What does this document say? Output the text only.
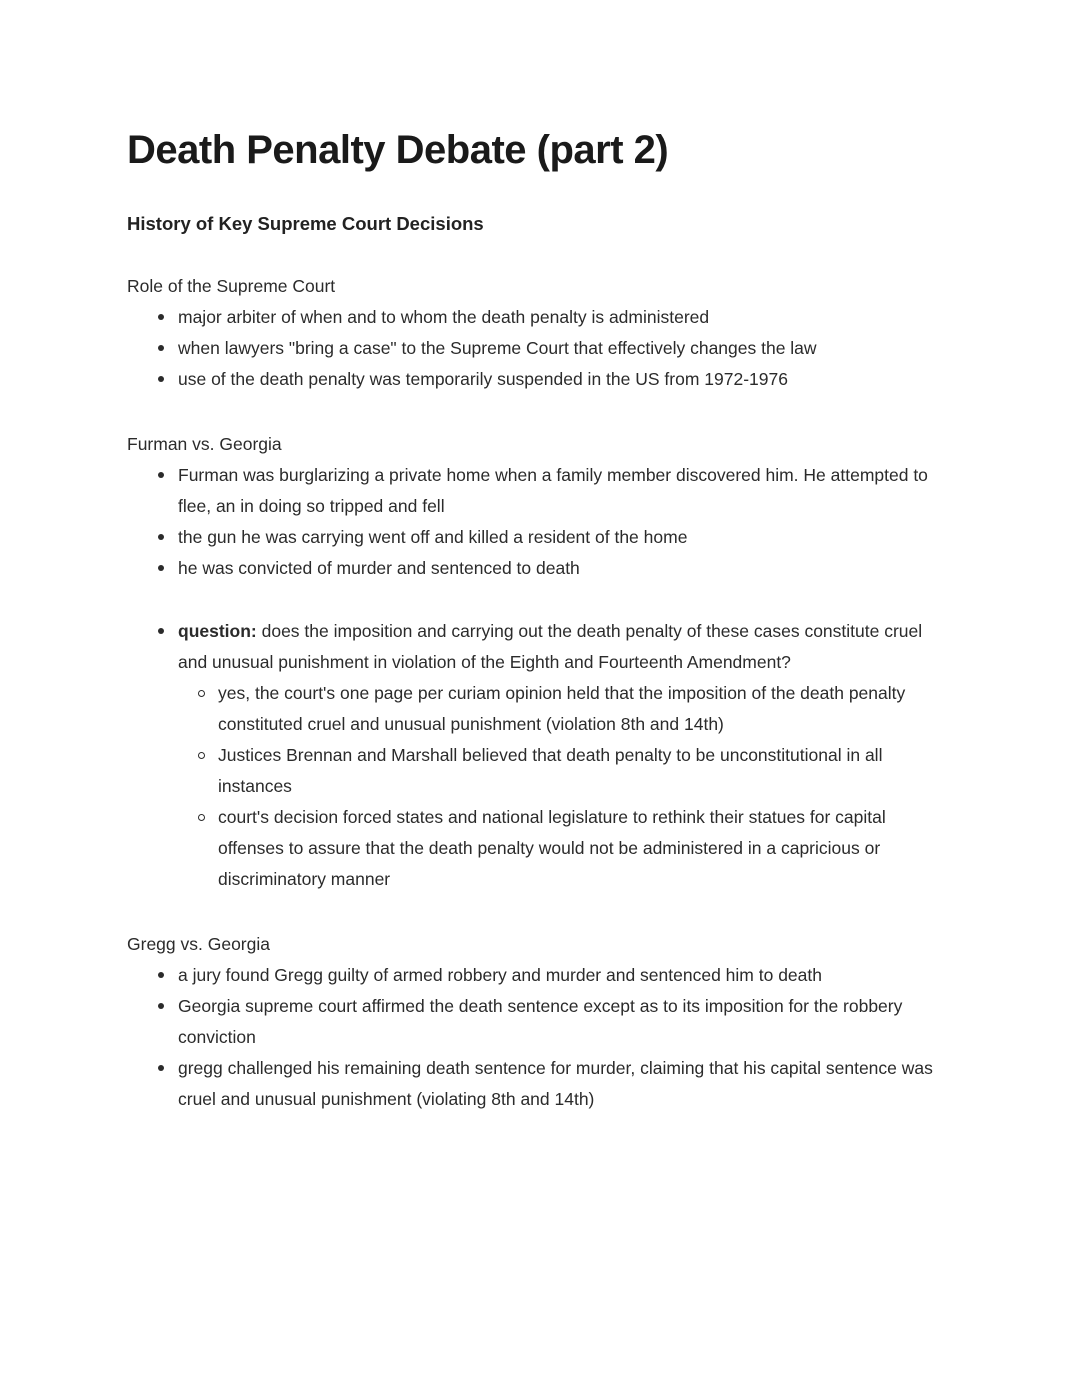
Death Penalty Debate (part 2)
History of Key Supreme Court Decisions

Role of the Supreme Court

major arbiter of when and to whom the death penalty is administered
when lawyers "bring a case" to the Supreme Court that effectively changes the law
use of the death penalty was temporarily suspended in the US from 1972-1976

Furman vs. Georgia

Furman was burglarizing a private home when a family member discovered him. He attempted to flee, an in doing so tripped and fell
the gun he was carrying went off and killed a resident of the home
he was convicted of murder and sentenced to death
question: does the imposition and carrying out the death penalty of these cases constitute cruel and unusual punishment in violation of the Eighth and Fourteenth Amendment?
yes, the court's one page per curiam opinion held that the imposition of the death penalty constituted cruel and unusual punishment (violation 8th and 14th)
Justices Brennan and Marshall believed that death penalty to be unconstitutional in all instances
court's decision forced states and national legislature to rethink their statues for capital offenses to assure that the death penalty would not be administered in a capricious or discriminatory manner

Gregg vs. Georgia

a jury found Gregg guilty of armed robbery and murder and sentenced him to death
Georgia supreme court affirmed the death sentence except as to its imposition for the robbery conviction
gregg challenged his remaining death sentence for murder, claiming that his capital sentence was cruel and unusual punishment (violating 8th and 14th)
